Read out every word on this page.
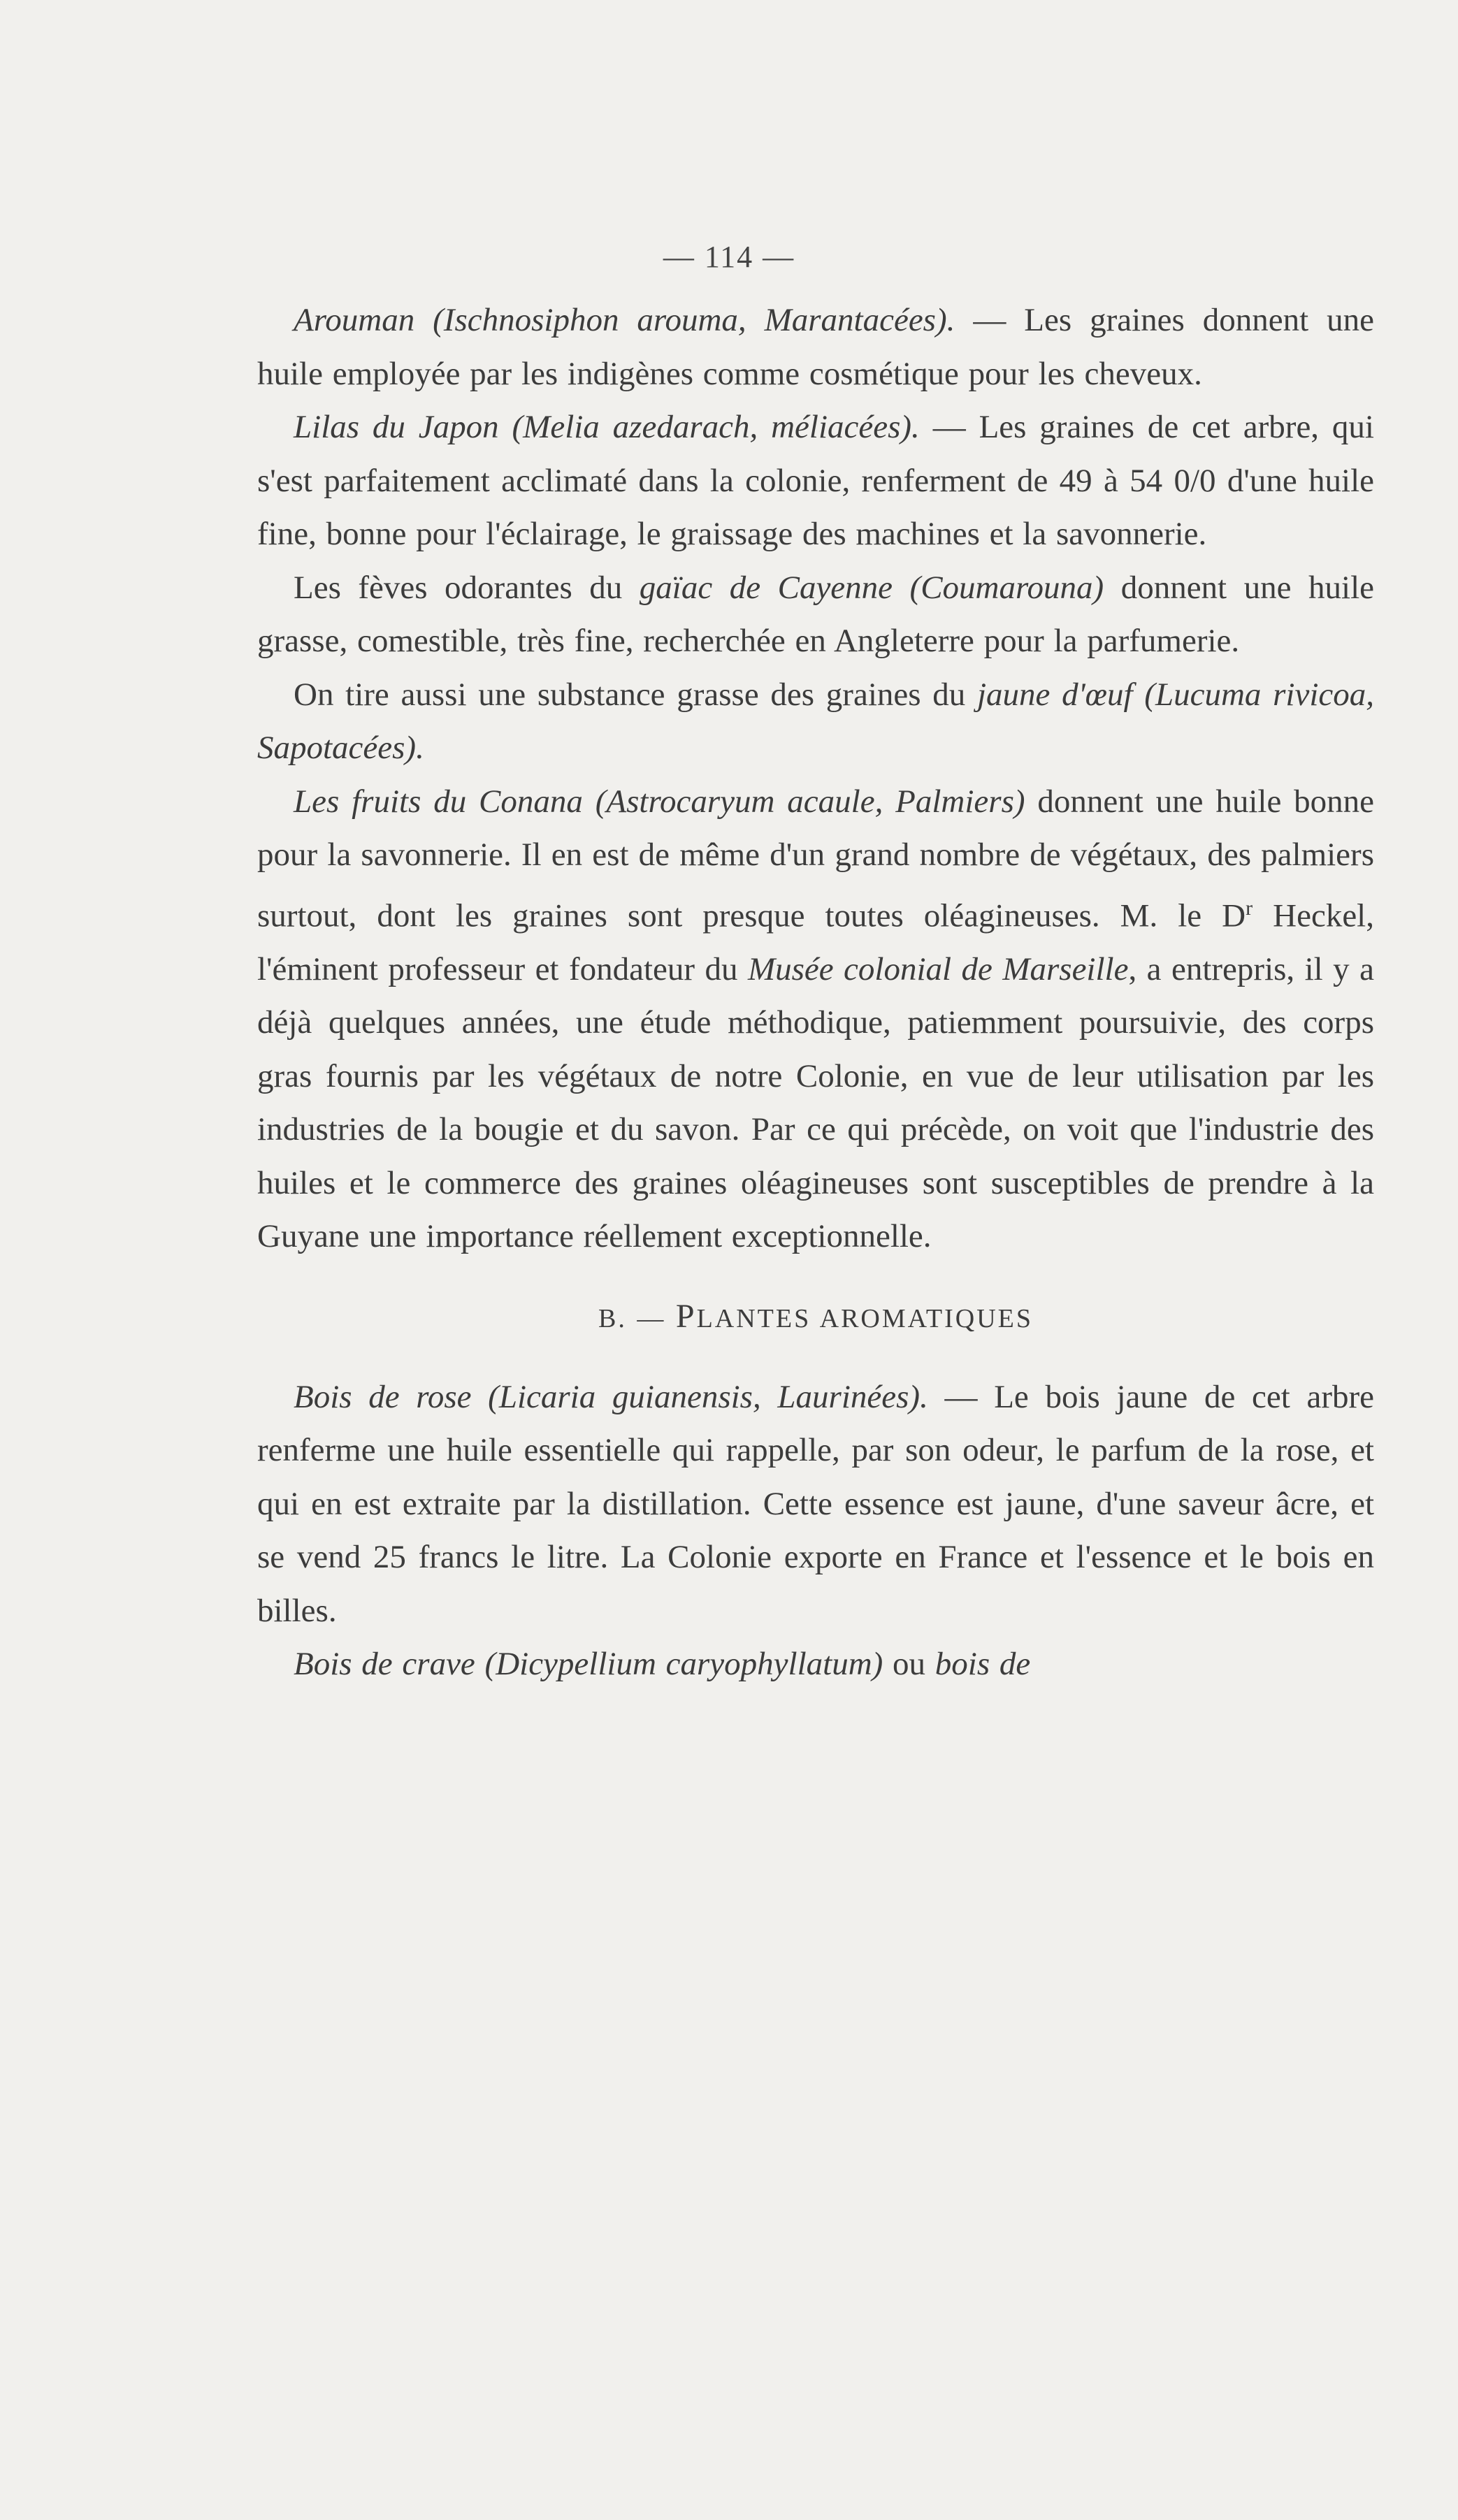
— 114 —

Arouman (Ischnosiphon arouma, Marantacées). — Les graines donnent une huile employée par les indigènes comme cosmétique pour les cheveux.

Lilas du Japon (Melia azedarach, méliacées). — Les graines de cet arbre, qui s'est parfaitement acclimaté dans la colonie, renferment de 49 à 54 0/0 d'une huile fine, bonne pour l'éclairage, le graissage des machines et la savonnerie.

Les fèves odorantes du gaïac de Cayenne (Coumarouna) donnent une huile grasse, comestible, très fine, recherchée en Angleterre pour la parfumerie.

On tire aussi une substance grasse des graines du jaune d'œuf (Lucuma rivicoa, Sapotacées).

Les fruits du Conana (Astrocaryum acaule, Palmiers) donnent une huile bonne pour la savonnerie. Il en est de même d'un grand nombre de végétaux, des palmiers surtout, dont les graines sont presque toutes oléagineuses. M. le $D^r$ Heckel, l'éminent professeur et fondateur du Musée colonial de Marseille, a entrepris, il y a déjà quelques années, une étude méthodique, patiemment poursuivie, des corps gras fournis par les végétaux de notre Colonie, en vue de leur utilisation par les industries de la bougie et du savon. Par ce qui précède, on voit que l'industrie des huiles et le commerce des graines oléagineuses sont susceptibles de prendre à la Guyane une importance réellement exceptionnelle.

B. — PLANTES AROMATIQUES

Bois de rose (Licaria guianensis, Laurinées). — Le bois jaune de cet arbre renferme une huile essentielle qui rappelle, par son odeur, le parfum de la rose, et qui en est extraite par la distillation. Cette essence est jaune, d'une saveur âcre, et se vend 25 francs le litre. La Colonie exporte en France et l'essence et le bois en billes.

Bois de crave (Dicypellium caryophyllatum) ou bois de
